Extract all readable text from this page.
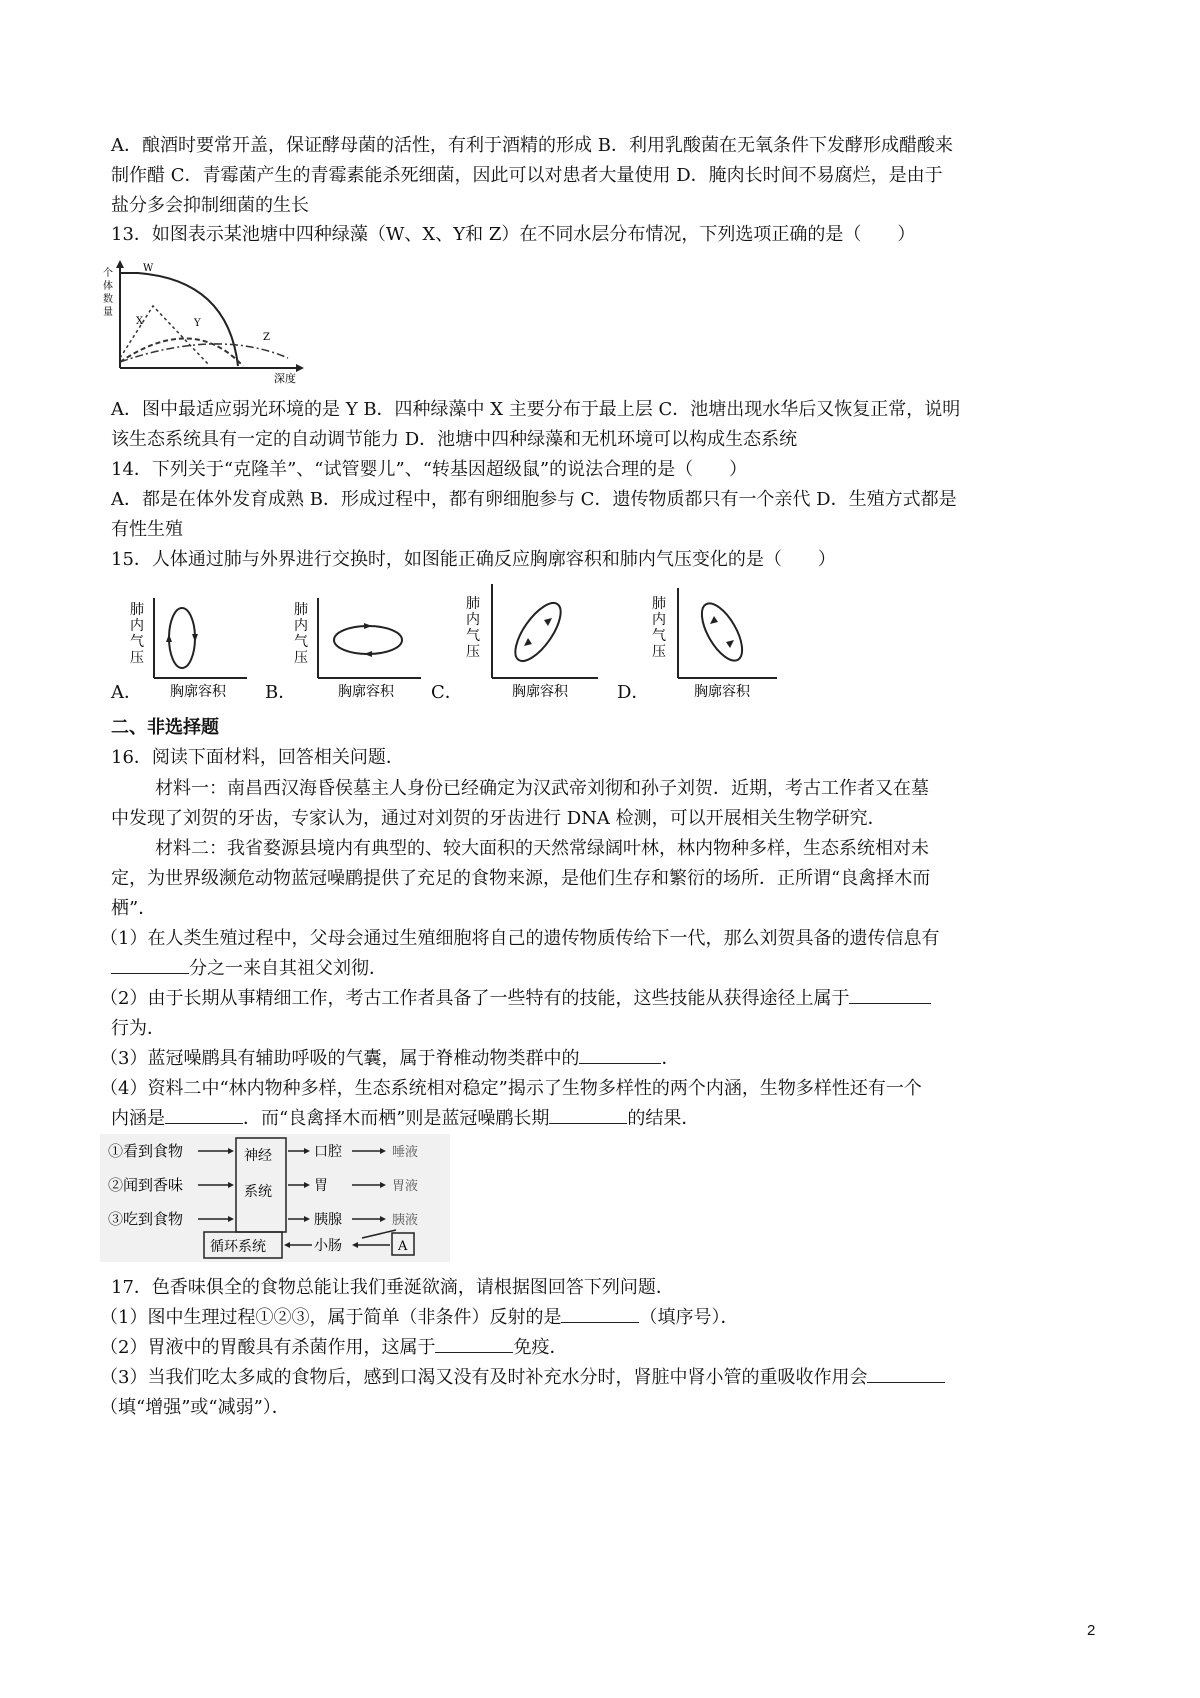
A．酿酒时要常开盖，保证酵母菌的活性，有利于酒精的形成 B．利用乳酸菌在无氧条件下发酵形成醋酸来
制作醋 C．青霉菌产生的青霉素能杀死细菌，因此可以对患者大量使用 D．腌肉长时间不易腐烂，是由于
盐分多会抑制细菌的生长
13．如图表示某池塘中四种绿藻（W、X、Y和 Z）在不同水层分布情况，下列选项正确的是（　　）
个
体
数
量
W
X	Y
Z
深度
A．图中最适应弱光环境的是 Y B．四种绿藻中 X 主要分布于最上层 C．池塘出现水华后又恢复正常，说明
该生态系统具有一定的自动调节能力 D．池塘中四种绿藻和无机环境可以构成生态系统
14．下列关于“克隆羊”、“试管婴儿”、“转基因超级鼠”的说法合理的是（　　）
A．都是在体外发育成熟 B．形成过程中，都有卵细胞参与 C．遗传物质都只有一个亲代 D．生殖方式都是
有性生殖
15．人体通过肺与外界进行交换时，如图能正确反应胸廓容积和肺内气压变化的是（　　）
A．	B．	C．	D．
肺
内
气
压
胸廓容积
肺
内
气
压
胸廓容积
肺
内
气
压
胸廓容积
肺
内
气
压
胸廓容积
二、非选择题
16．阅读下面材料，回答相关问题．
材料一：南昌西汉海昏侯墓主人身份已经确定为汉武帝刘彻和孙子刘贺．近期，考古工作者又在墓
中发现了刘贺的牙齿，专家认为，通过对刘贺的牙齿进行 DNA 检测，可以开展相关生物学研究．
材料二：我省婺源县境内有典型的、较大面积的天然常绿阔叶林，林内物种多样，生态系统相对未
定，为世界级濒危动物蓝冠噪鹛提供了充足的食物来源，是他们生存和繁衍的场所．正所谓“良禽择木而
栖”．
（1）在人类生殖过程中，父母会通过生殖细胞将自己的遗传物质传给下一代，那么刘贺具备的遗传信息有
分之一来自其祖父刘彻．
（2）由于长期从事精细工作，考古工作者具备了一些特有的技能，这些技能从获得途径上属于
行为．
（3）蓝冠噪鹛具有辅助呼吸的气囊，属于脊椎动物类群中的	．
（4）资料二中“林内物种多样，生态系统相对稳定”揭示了生物多样性的两个内涵，生物多样性还有一个
内涵是	．而“良禽择木而栖”则是蓝冠噪鹛长期	的结果．
①看到食物
②闻到香味
③吃到食物
神经
系统
口腔
胃
胰腺
唾液
胃液
胰液
循环系统	小肠	A
17．色香味俱全的食物总能让我们垂涎欲滴，请根据图回答下列问题．
（1）图中生理过程①②③，属于简单（非条件）反射的是	（填序号）．
（2）胃液中的胃酸具有杀菌作用，这属于	免疫．
（3）当我们吃太多咸的食物后，感到口渴又没有及时补充水分时，肾脏中肾小管的重吸收作用会
（填“增强”或“减弱”）．
2
